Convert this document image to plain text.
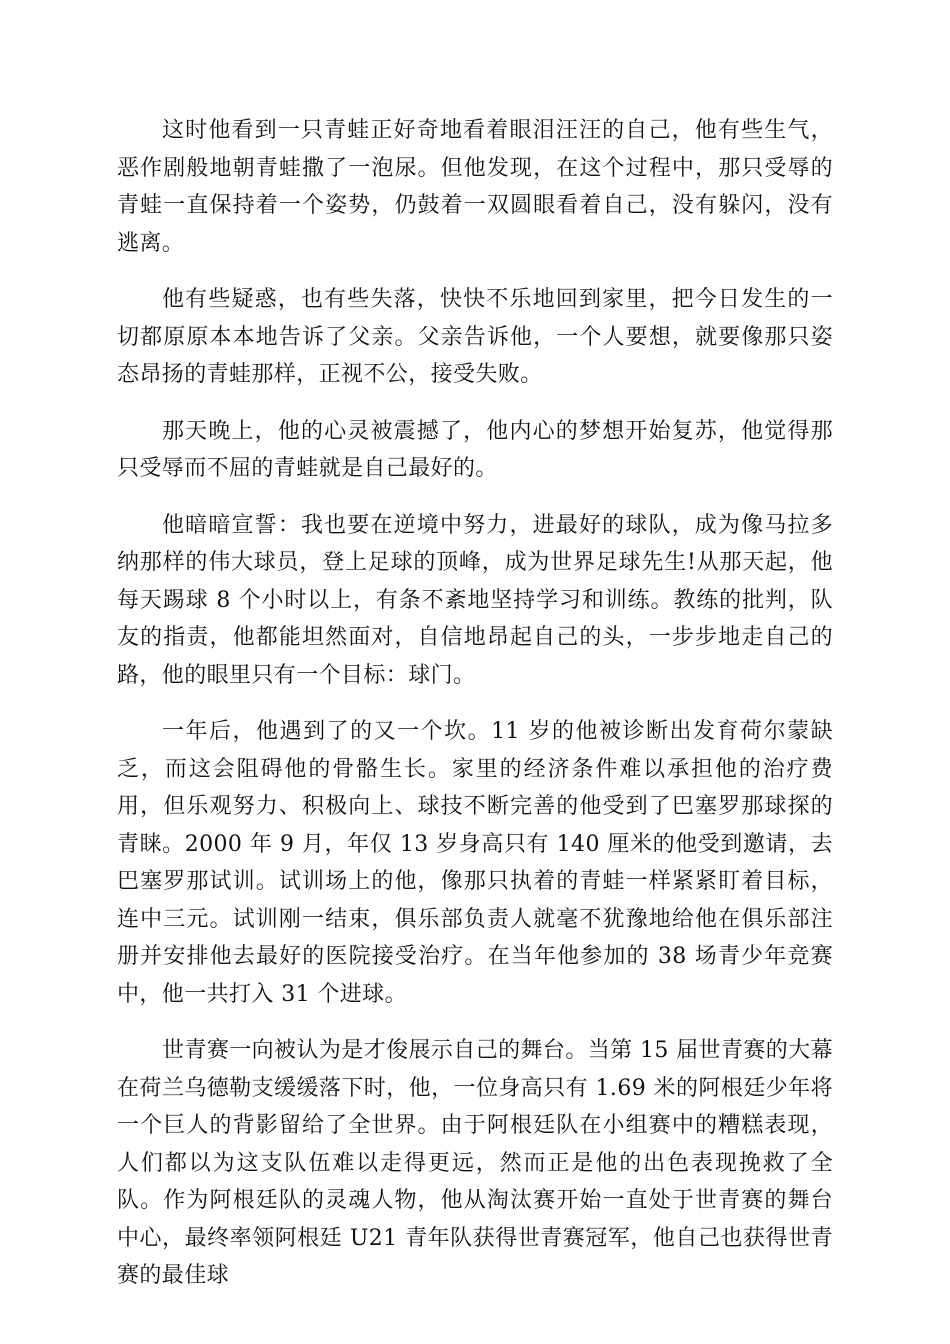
这时他看到一只青蛙正好奇地看着眼泪汪汪的自己，他有些生气，恶作剧般地朝青蛙撒了一泡尿。但他发现，在这个过程中，那只受辱的青蛙一直保持着一个姿势，仍鼓着一双圆眼看着自己，没有躲闪，没有逃离。

他有些疑惑，也有些失落，快快不乐地回到家里，把今日发生的一切都原原本本地告诉了父亲。父亲告诉他，一个人要想，就要像那只姿态昂扬的青蛙那样，正视不公，接受失败。

那天晚上，他的心灵被震撼了，他内心的梦想开始复苏，他觉得那只受辱而不屈的青蛙就是自己最好的。

他暗暗宣誓：我也要在逆境中努力，进最好的球队，成为像马拉多纳那样的伟大球员，登上足球的顶峰，成为世界足球先生!从那天起，他每天踢球 8 个小时以上，有条不紊地坚持学习和训练。教练的批判，队友的指责，他都能坦然面对，自信地昂起自己的头，一步步地走自己的路，他的眼里只有一个目标：球门。

一年后，他遇到了的又一个坎。11 岁的他被诊断出发育荷尔蒙缺乏，而这会阻碍他的骨骼生长。家里的经济条件难以承担他的治疗费用，但乐观努力、积极向上、球技不断完善的他受到了巴塞罗那球探的青睐。2000 年 9 月，年仅 13 岁身高只有 140 厘米的他受到邀请，去巴塞罗那试训。试训场上的他，像那只执着的青蛙一样紧紧盯着目标，连中三元。试训刚一结束，俱乐部负责人就毫不犹豫地给他在俱乐部注册并安排他去最好的医院接受治疗。在当年他参加的 38 场青少年竞赛中，他一共打入 31 个进球。

世青赛一向被认为是才俊展示自己的舞台。当第 15 届世青赛的大幕在荷兰乌德勒支缓缓落下时，他，一位身高只有 1.69 米的阿根廷少年将一个巨人的背影留给了全世界。由于阿根廷队在小组赛中的糟糕表现，人们都以为这支队伍难以走得更远，然而正是他的出色表现挽救了全队。作为阿根廷队的灵魂人物，他从淘汰赛开始一直处于世青赛的舞台中心，最终率领阿根廷 U21 青年队获得世青赛冠军，他自己也获得世青赛的最佳球
